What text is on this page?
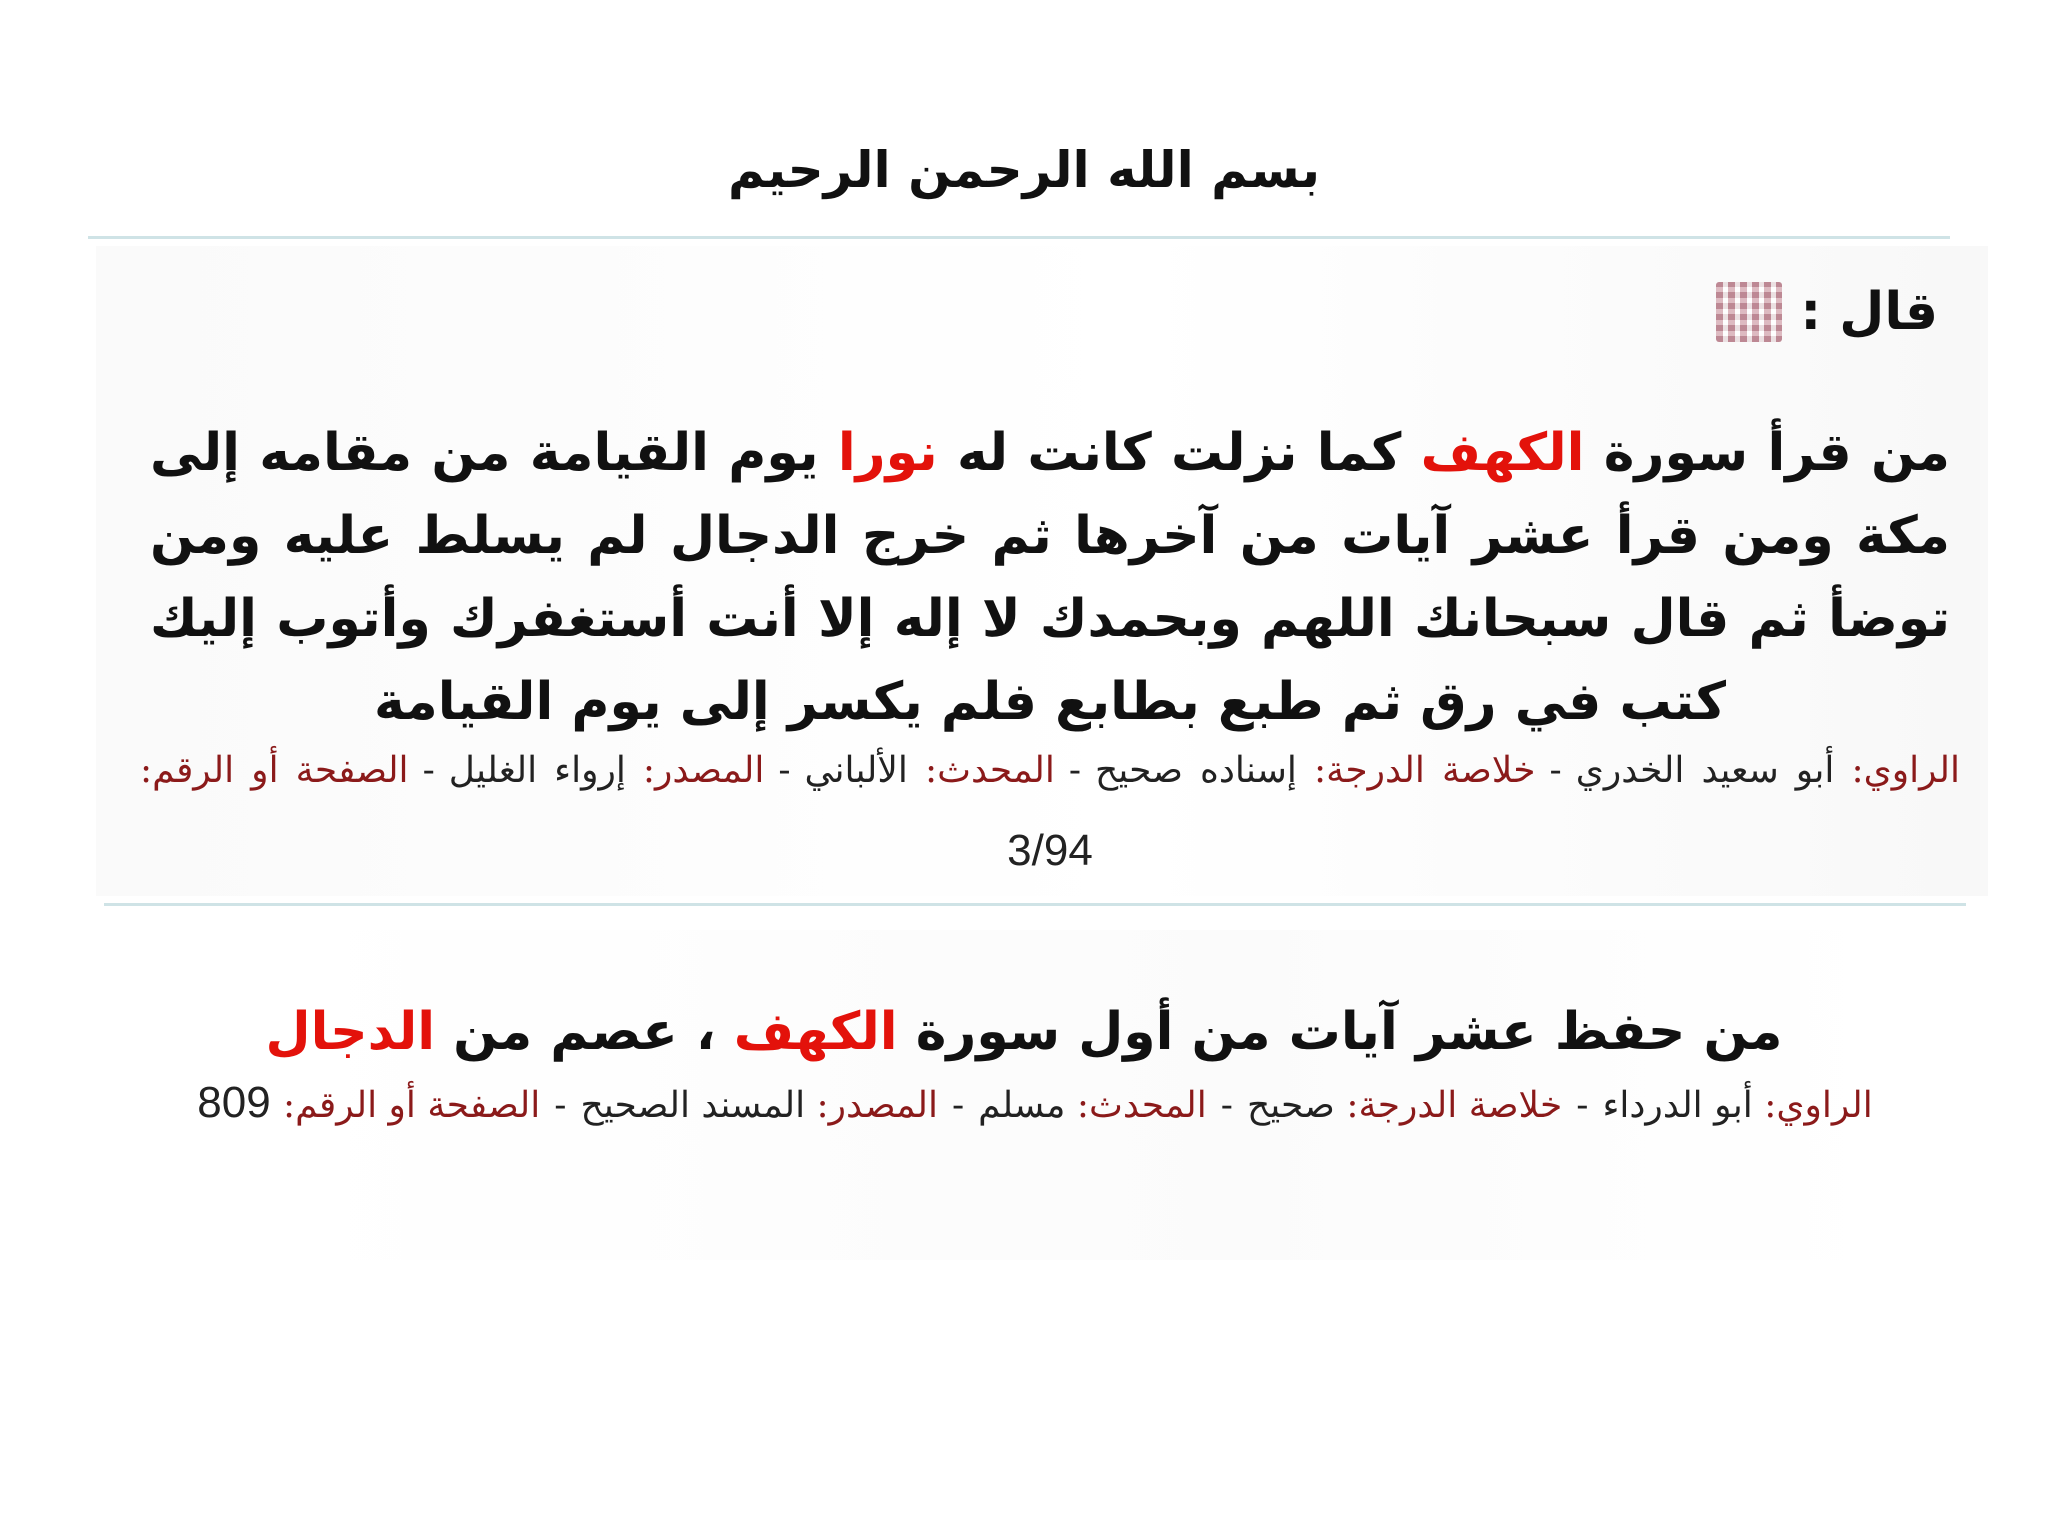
بسم الله الرحمن الرحيم
قال :
من قرأ سورة الكهف كما نزلت كانت له نورا يوم القيامة من مقامه إلى مكة ومن قرأ عشر آيات من آخرها ثم خرج الدجال لم يسلط عليه ومن توضأ ثم قال سبحانك اللهم وبحمدك لا إله إلا أنت أستغفرك وأتوب إليك كتب في رق ثم طبع بطابع فلم يكسر إلى يوم القيامة
الراوي: أبو سعيد الخدري-خلاصة الدرجة: إسناده صحيح-المحدث: الألباني-المصدر: إرواء الغليل-الصفحة أو الرقم: 3/94
من حفظ عشر آيات من أول سورة الكهف ، عصم من الدجال
الراوي: أبو الدرداء-خلاصة الدرجة: صحيح-المحدث: مسلم-المصدر: المسند الصحيح-الصفحة أو الرقم: 809
